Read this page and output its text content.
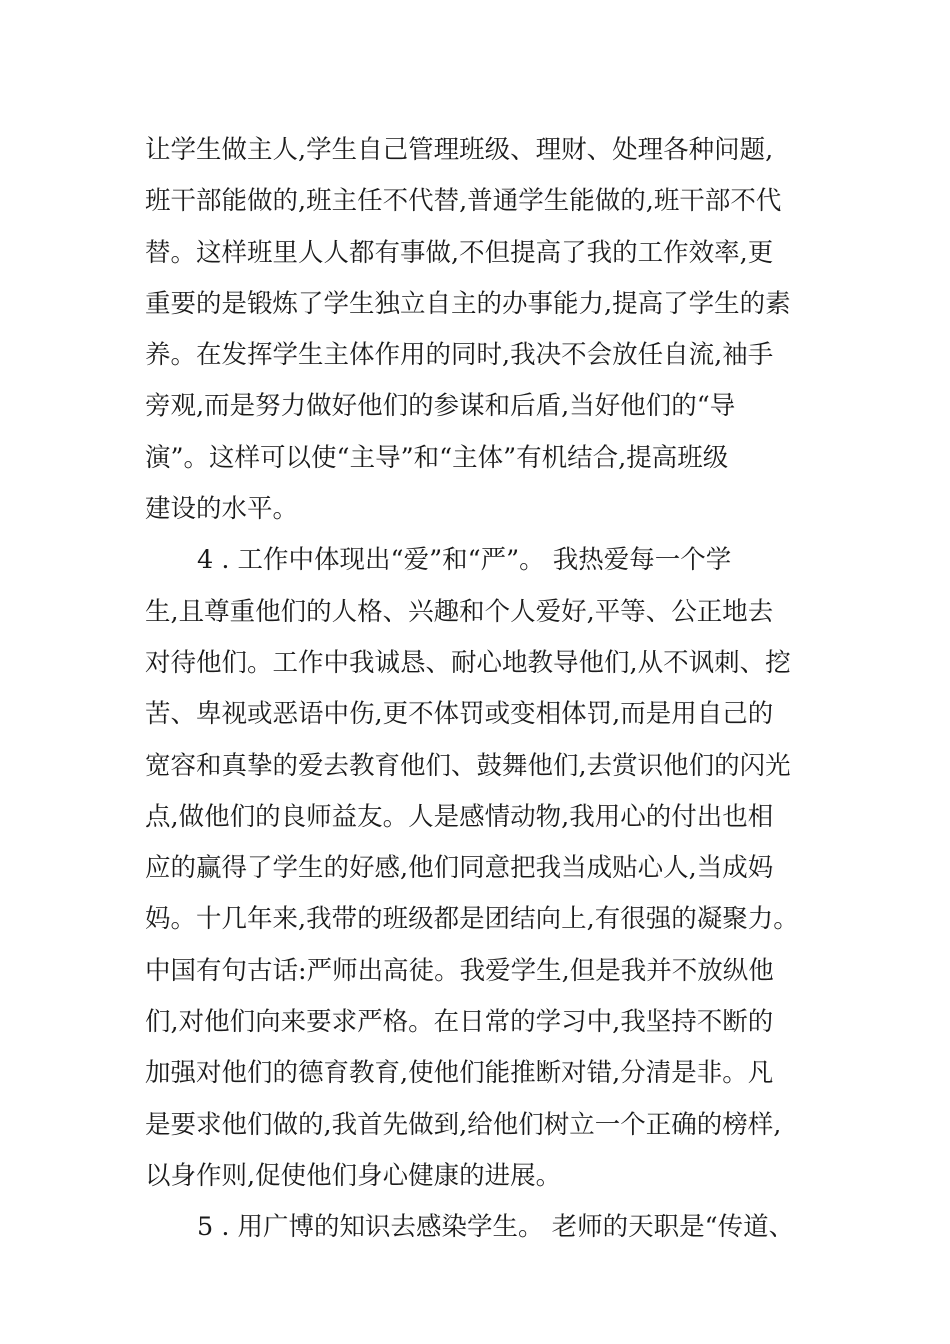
让学生做主人,学生自己管理班级、理财、处理各种问题,
班干部能做的,班主任不代替,普通学生能做的,班干部不代
替。这样班里人人都有事做,不但提高了我的工作效率,更
重要的是锻炼了学生独立自主的办事能力,提高了学生的素
养。在发挥学生主体作用的同时,我决不会放任自流,袖手
旁观,而是努力做好他们的参谋和后盾,当好他们的“导
演”。这样可以使“主导”和“主体”有机结合,提高班级
建设的水平。
4 . 工作中体现出“爱”和“严”。 我热爱每一个学
生,且尊重他们的人格、兴趣和个人爱好,平等、公正地去
对待他们。工作中我诚恳、耐心地教导他们,从不讽刺、挖
苦、卑视或恶语中伤,更不体罚或变相体罚,而是用自己的
宽容和真挚的爱去教育他们、鼓舞他们,去赏识他们的闪光
点,做他们的良师益友。人是感情动物,我用心的付出也相
应的赢得了学生的好感,他们同意把我当成贴心人,当成妈
妈。十几年来,我带的班级都是团结向上,有很强的凝聚力。
中国有句古话:严师出高徒。我爱学生,但是我并不放纵他
们,对他们向来要求严格。在日常的学习中,我坚持不断的
加强对他们的德育教育,使他们能推断对错,分清是非。凡
是要求他们做的,我首先做到,给他们树立一个正确的榜样,
以身作则,促使他们身心健康的进展。
5 . 用广博的知识去感染学生。 老师的天职是“传道、
